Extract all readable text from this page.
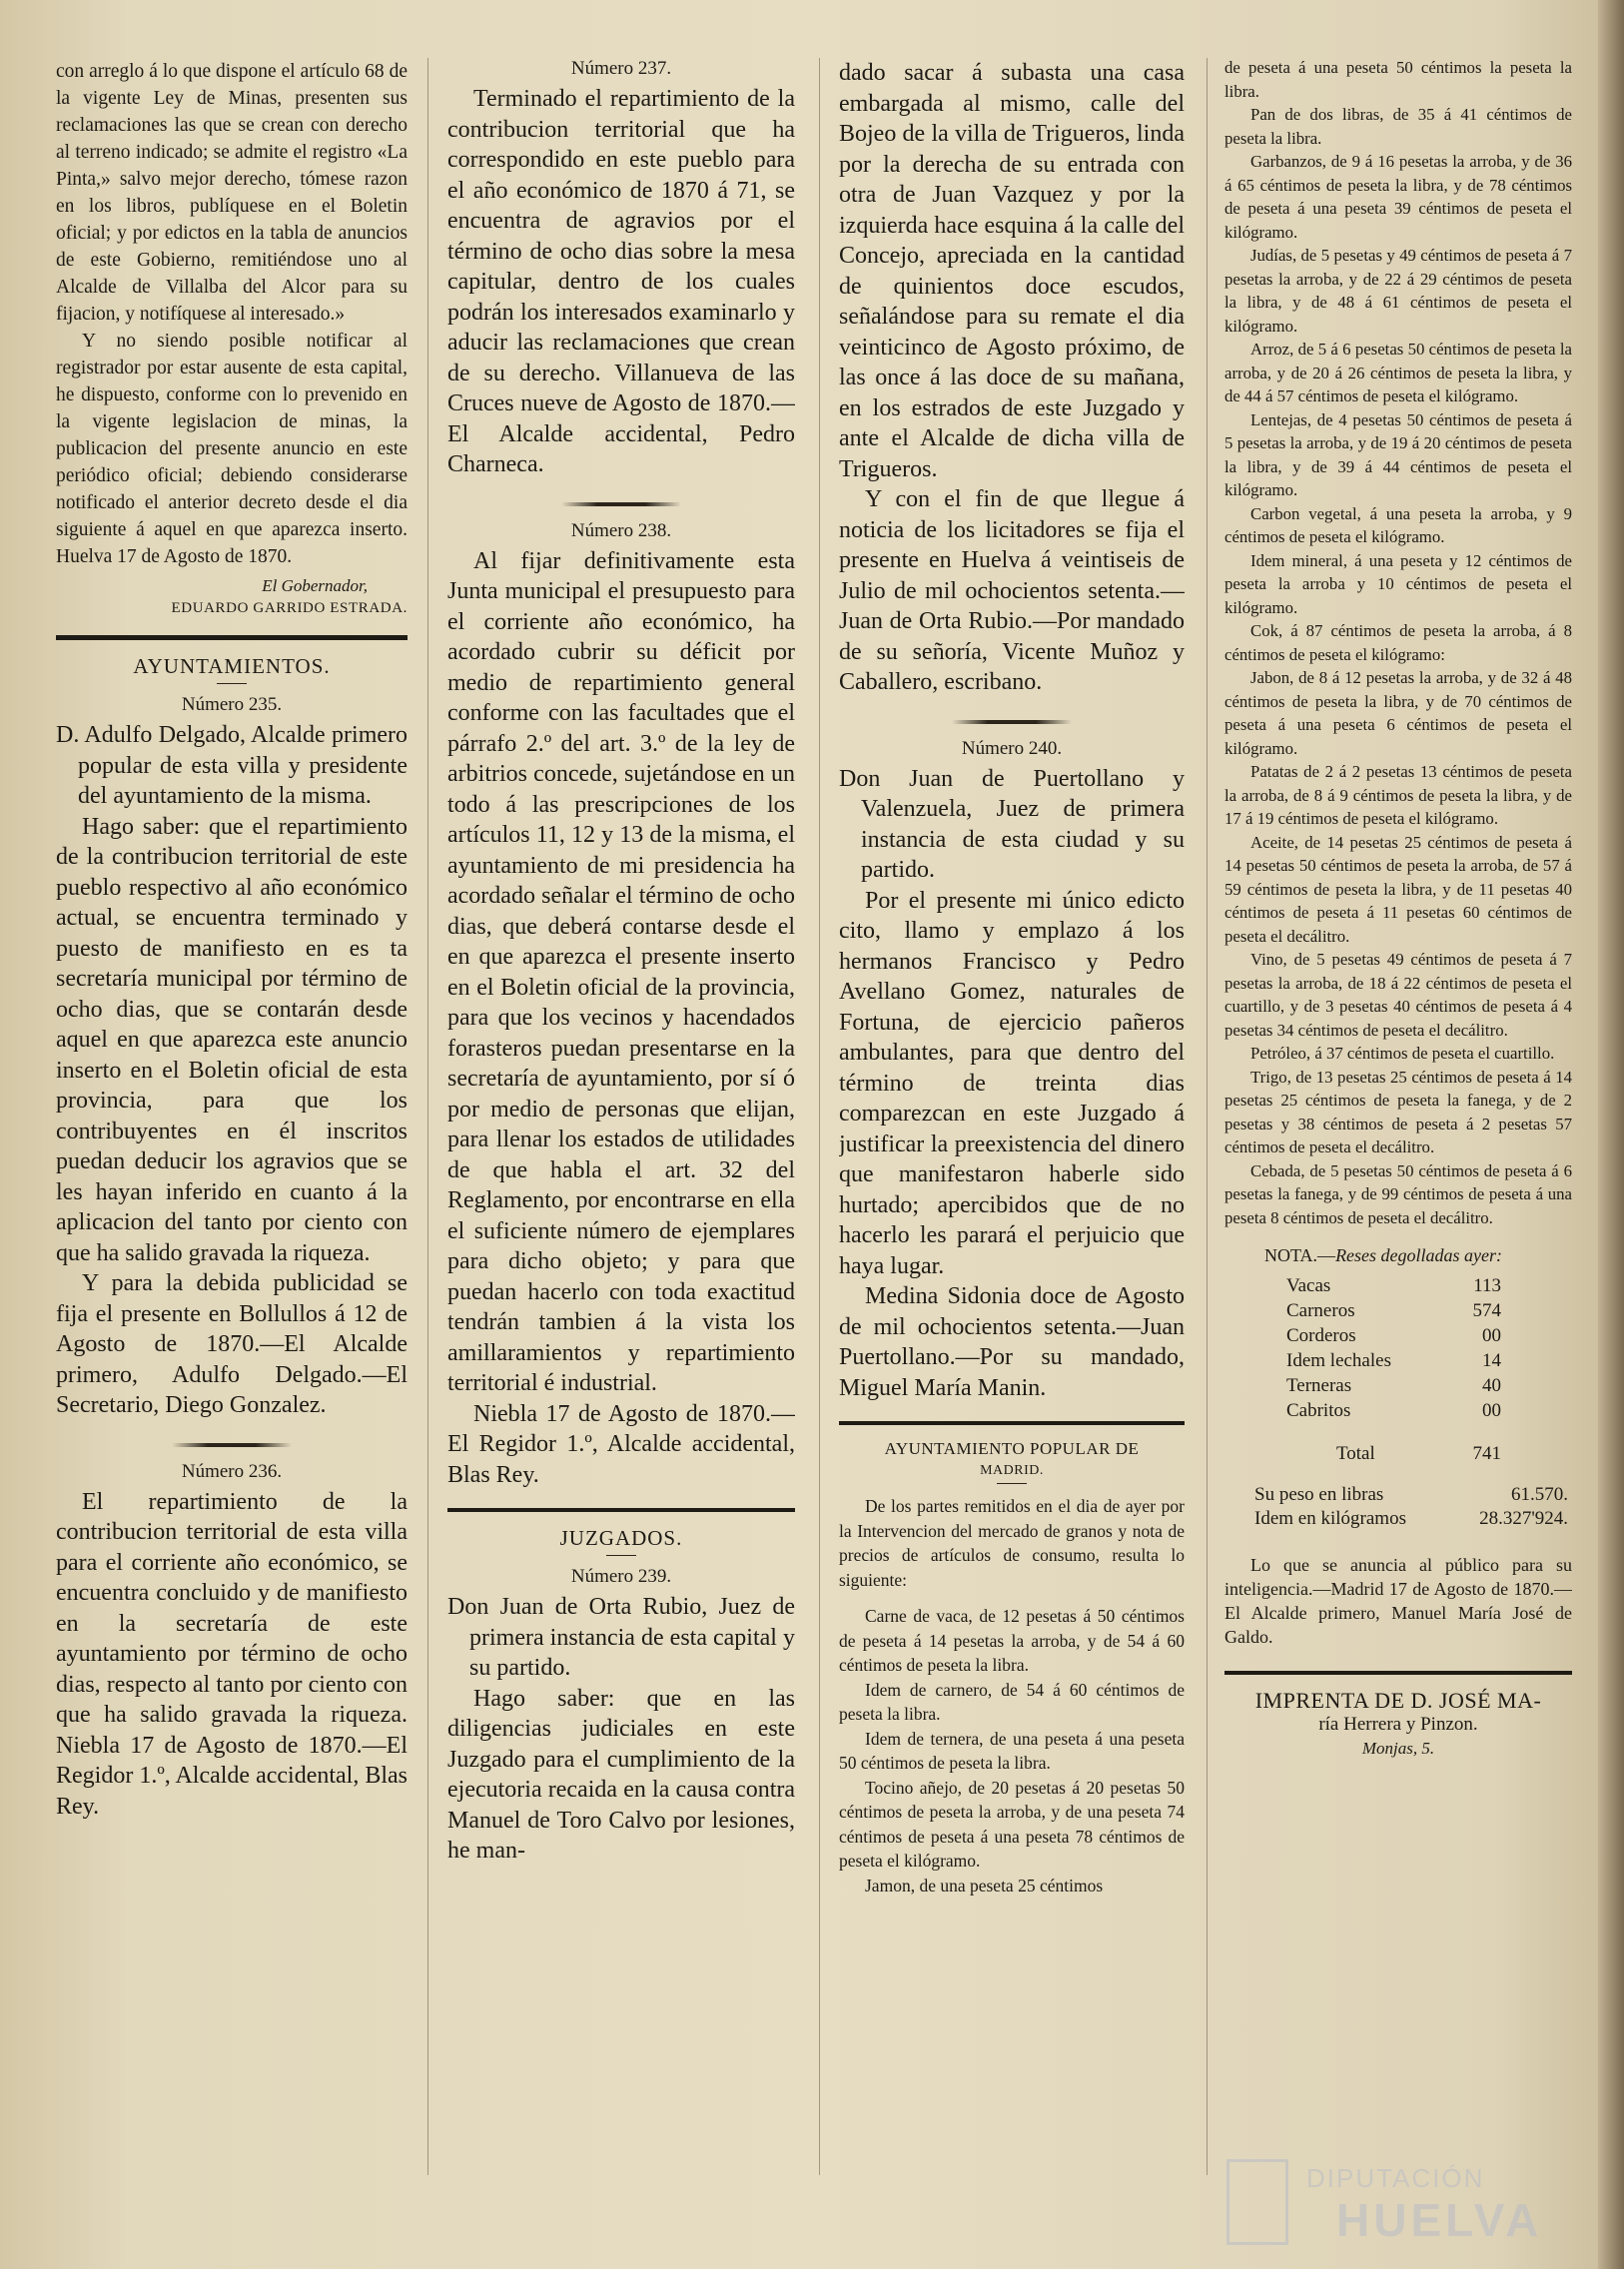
con arreglo á lo que dispone el artículo 68 de la vigente Ley de Minas, presenten sus reclamaciones las que se crean con derecho al terreno indicado; se admite el registro «La Pinta,» salvo mejor derecho, tómese razon en los libros, publíquese en el Boletin oficial; y por edictos en la tabla de anuncios de este Gobierno, remitiéndose uno al Alcalde de Villalba del Alcor para su fijacion, y notifíquese al interesado.»

Y no siendo posible notificar al registrador por estar ausente de esta capital, he dispuesto, conforme con lo prevenido en la vigente legislacion de minas, la publicacion del presente anuncio en este periódico oficial; debiendo considerarse notificado el anterior decreto desde el dia siguiente á aquel en que aparezca inserto. Huelva 17 de Agosto de 1870.

El Gobernador,
EDUARDO GARRIDO ESTRADA.
AYUNTAMIENTOS.
Número 235.

D. Adulfo Delgado, Alcalde primero popular de esta villa y presidente del ayuntamiento de la misma.

Hago saber: que el repartimiento de la contribucion territorial de este pueblo respectivo al año económico actual, se encuentra terminado y puesto de manifiesto en es ta secretaría municipal por término de ocho dias, que se contarán desde aquel en que aparezca este anuncio inserto en el Boletin oficial de esta provincia, para que los contribuyentes en él inscritos puedan deducir los agravios que se les hayan inferido en cuanto á la aplicacion del tanto por ciento con que ha salido gravada la riqueza.

Y para la debida publicidad se fija el presente en Bollullos á 12 de Agosto de 1870.—El Alcalde primero, Adulfo Delgado.—El Secretario, Diego Gonzalez.

Número 236.

El repartimiento de la contribucion territorial de esta villa para el corriente año económico, se encuentra concluido y de manifiesto en la secretaría de este ayuntamiento por término de ocho dias, respecto al tanto por ciento con que ha salido gravada la riqueza. Niebla 17 de Agosto de 1870.—El Regidor 1.º, Alcalde accidental, Blas Rey.

Número 237.

Terminado el repartimiento de la contribucion territorial que ha correspondido en este pueblo para el año económico de 1870 á 71, se encuentra de agravios por el término de ocho dias sobre la mesa capitular, dentro de los cuales podrán los interesados examinarlo y aducir las reclamaciones que crean de su derecho. Villanueva de las Cruces nueve de Agosto de 1870.—El Alcalde accidental, Pedro Charneca.

Número 238.

Al fijar definitivamente esta Junta municipal el presupuesto para el corriente año económico, ha acordado cubrir su déficit por medio de repartimiento general conforme con las facultades que el párrafo 2.º del art. 3.º de la ley de arbitrios concede, sujetándose en un todo á las prescripciones de los artículos 11, 12 y 13 de la misma, el ayuntamiento de mi presidencia ha acordado señalar el término de ocho dias, que deberá contarse desde el en que aparezca el presente inserto en el Boletin oficial de la provincia, para que los vecinos y hacendados forasteros puedan presentarse en la secretaría de ayuntamiento, por sí ó por medio de personas que elijan, para llenar los estados de utilidades de que habla el art. 32 del Reglamento, por encontrarse en ella el suficiente número de ejemplares para dicho objeto; y para que puedan hacerlo con toda exactitud tendrán tambien á la vista los amillaramientos y repartimiento territorial é industrial.

Niebla 17 de Agosto de 1870.—El Regidor 1.º, Alcalde accidental, Blas Rey.

JUZGADOS.
Número 239.

Don Juan de Orta Rubio, Juez de primera instancia de esta capital y su partido.

Hago saber: que en las diligencias judiciales en este Juzgado para el cumplimiento de la ejecutoria recaida en la causa contra Manuel de Toro Calvo por lesiones, he man-

dado sacar á subasta una casa embargada al mismo, calle del Bojeo de la villa de Trigueros, linda por la derecha de su entrada con otra de Juan Vazquez y por la izquierda hace esquina á la calle del Concejo, apreciada en la cantidad de quinientos doce escudos, señalándose para su remate el dia veinticinco de Agosto próximo, de las once á las doce de su mañana, en los estrados de este Juzgado y ante el Alcalde de dicha villa de Trigueros.

Y con el fin de que llegue á noticia de los licitadores se fija el presente en Huelva á veintiseis de Julio de mil ochocientos setenta.—Juan de Orta Rubio.—Por mandado de su señoría, Vicente Muñoz y Caballero, escribano.

Número 240.

Don Juan de Puertollano y Valenzuela, Juez de primera instancia de esta ciudad y su partido.

Por el presente mi único edicto cito, llamo y emplazo á los hermanos Francisco y Pedro Avellano Gomez, naturales de Fortuna, de ejercicio pañeros ambulantes, para que dentro del término de treinta dias comparezcan en este Juzgado á justificar la preexistencia del dinero que manifestaron haberle sido hurtado; apercibidos que de no hacerlo les parará el perjuicio que haya lugar.

Medina Sidonia doce de Agosto de mil ochocientos setenta.—Juan Puertollano.—Por su mandado, Miguel María Manin.

AYUNTAMIENTO POPULAR DE
MADRID.

De los partes remitidos en el dia de ayer por la Intervencion del mercado de granos y nota de precios de artículos de consumo, resulta lo siguiente:

Carne de vaca, de 12 pesetas á 50 céntimos de peseta á 14 pesetas la arroba, y de 54 á 60 céntimos de peseta la libra.

Idem de carnero, de 54 á 60 céntimos de peseta la libra.

Idem de ternera, de una peseta á una peseta 50 céntimos de peseta la libra.

Tocino añejo, de 20 pesetas á 20 pesetas 50 céntimos de peseta la arroba, y de una peseta 74 céntimos de peseta á una peseta 78 céntimos de peseta el kilógramo.

Jamon, de una peseta 25 céntimos

de peseta á una peseta 50 céntimos la peseta la libra.

Pan de dos libras, de 35 á 41 céntimos de peseta la libra.

Garbanzos, de 9 á 16 pesetas la arroba, y de 36 á 65 céntimos de peseta la libra, y de 78 céntimos de peseta á una peseta 39 céntimos de peseta el kilógramo.

Judías, de 5 pesetas y 49 céntimos de peseta á 7 pesetas la arroba, y de 22 á 29 céntimos de peseta la libra, y de 48 á 61 céntimos de peseta el kilógramo.

Arroz, de 5 á 6 pesetas 50 céntimos de peseta la arroba, y de 20 á 26 céntimos de peseta la libra, y de 44 á 57 céntimos de peseta el kilógramo.

Lentejas, de 4 pesetas 50 céntimos de peseta á 5 pesetas la arroba, y de 19 á 20 céntimos de peseta la libra, y de 39 á 44 céntimos de peseta el kilógramo.

Carbon vegetal, á una peseta la arroba, y 9 céntimos de peseta el kilógramo.

Idem mineral, á una peseta y 12 céntimos de peseta la arroba y 10 céntimos de peseta el kilógramo.

Cok, á 87 céntimos de peseta la arroba, á 8 céntimos de peseta el kilógramo:

Jabon, de 8 á 12 pesetas la arroba, y de 32 á 48 céntimos de peseta la libra, y de 70 céntimos de peseta á una peseta 6 céntimos de peseta el kilógramo.

Patatas de 2 á 2 pesetas 13 céntimos de peseta la arroba, de 8 á 9 céntimos de peseta la libra, y de 17 á 19 céntimos de peseta el kilógramo.

Aceite, de 14 pesetas 25 céntimos de peseta á 14 pesetas 50 céntimos de peseta la arroba, de 57 á 59 céntimos de peseta la libra, y de 11 pesetas 40 céntimos de peseta á 11 pesetas 60 céntimos de peseta el decálitro.

Vino, de 5 pesetas 49 céntimos de peseta á 7 pesetas la arroba, de 18 á 22 céntimos de peseta el cuartillo, y de 3 pesetas 40 céntimos de peseta á 4 pesetas 34 céntimos de peseta el decálitro.

Petróleo, á 37 céntimos de peseta el cuartillo.

Trigo, de 13 pesetas 25 céntimos de peseta á 14 pesetas 25 céntimos de peseta la fanega, y de 2 pesetas y 38 céntimos de peseta á 2 pesetas 57 céntimos de peseta el decálitro.

Cebada, de 5 pesetas 50 céntimos de peseta á 6 pesetas la fanega, y de 99 céntimos de peseta á una peseta 8 céntimos de peseta el decálitro.

NOTA.—Reses degolladas ayer:
Vacas	113
Carneros	574
Corderos	00
Idem lechales	14
Terneras	40
Cabritos	00
Total	741
Su peso en libras	61.570.
Idem en kilógramos	28.327'924.

Lo que se anuncia al público para su inteligencia.—Madrid 17 de Agosto de 1870.—El Alcalde primero, Manuel María José de Galdo.

IMPRENTA DE D. JOSÉ MA-
ría Herrera y Pinzon.
Monjas, 5.
DIPUTACIÓN
HUELVA
